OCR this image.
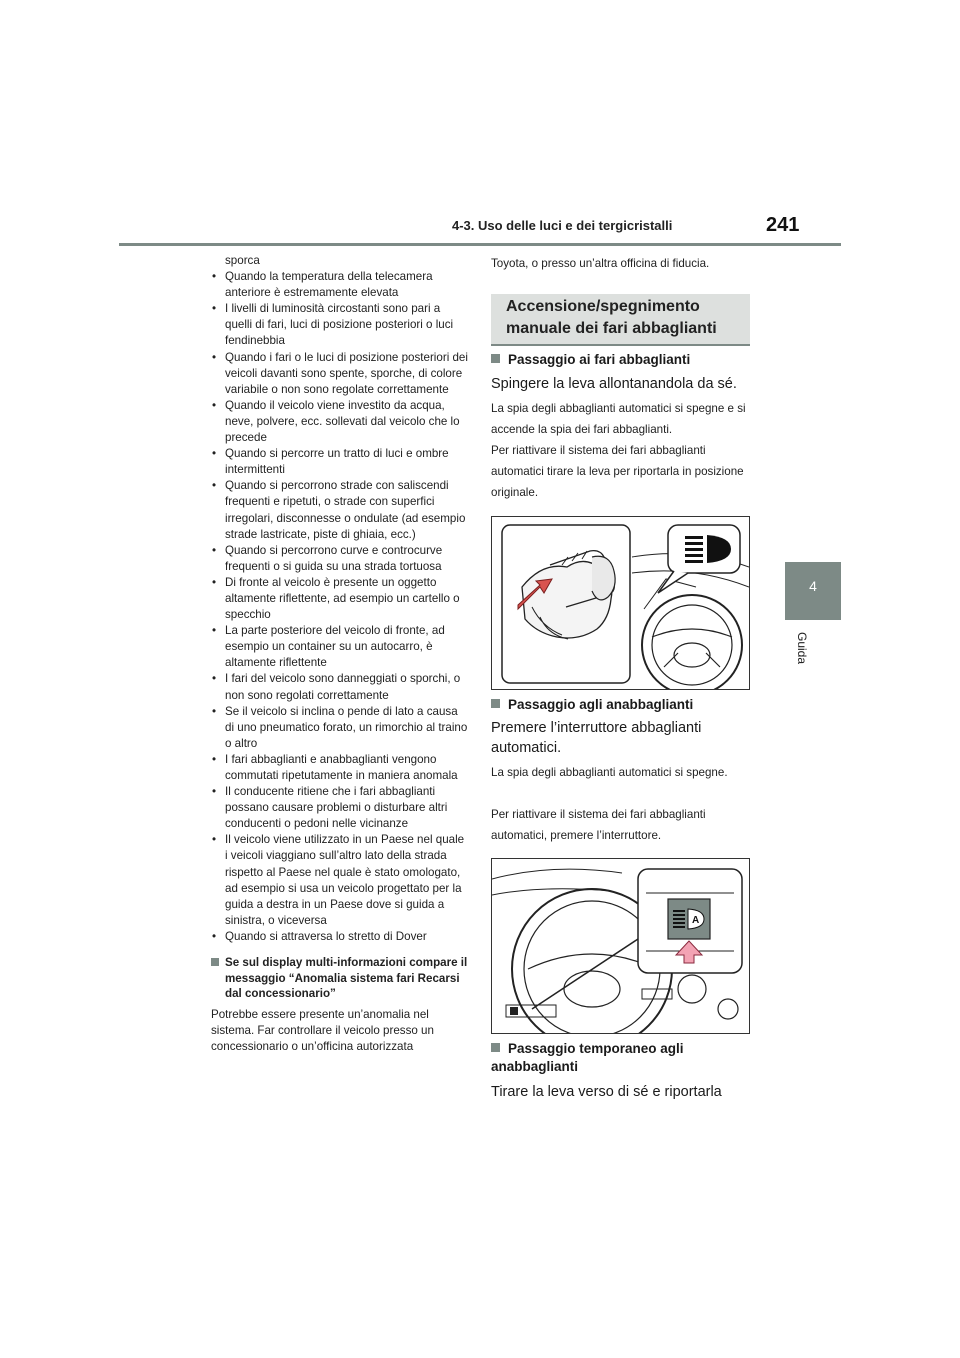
4-3. Uso delle luci e dei tergicristalli	241
4
Guida
sporca
• Quando la temperatura della telecamera anteriore è estremamente elevata
• I livelli di luminosità circostanti sono pari a quelli di fari, luci di posizione posteriori o luci fendinebbia
• Quando i fari o le luci di posizione posteriori dei veicoli davanti sono spente, sporche, di colore variabile o non sono regolate correttamente
• Quando il veicolo viene investito da acqua, neve, polvere, ecc. sollevati dal veicolo che lo precede
• Quando si percorre un tratto di luci e ombre intermittenti
• Quando si percorrono strade con saliscendi frequenti e ripetuti, o strade con superfici irregolari, disconnesse o ondulate (ad esempio strade lastricate, piste di ghiaia, ecc.)
• Quando si percorrono curve e controcurve frequenti o si guida su una strada tortuosa
• Di fronte al veicolo è presente un oggetto altamente riflettente, ad esempio un cartello o specchio
• La parte posteriore del veicolo di fronte, ad esempio un container su un autocarro, è altamente riflettente
• I fari del veicolo sono danneggiati o sporchi, o non sono regolati correttamente
• Se il veicolo si inclina o pende di lato a causa di uno pneumatico forato, un rimorchio al traino o altro
• I fari abbaglianti e anabbaglianti vengono commutati ripetutamente in maniera anomala
• Il conducente ritiene che i fari abbaglianti possano causare problemi o disturbare altri conducenti o pedoni nelle vicinanze
• Il veicolo viene utilizzato in un Paese nel quale i veicoli viaggiano sull’altro lato della strada rispetto al Paese nel quale è stato omologato, ad esempio si usa un veicolo progettato per la guida a destra in un Paese dove si guida a sinistra, o viceversa
• Quando si attraversa lo stretto di Dover
Se sul display multi-informazioni compare il messaggio “Anomalia sistema fari Recarsi dal concessionario”
Potrebbe essere presente un’anomalia nel sistema. Far controllare il veicolo presso un concessionario o un’officina autorizzata
Toyota, o presso un’altra officina di fiducia.
Accensione/spegnimento manuale dei fari abbaglianti
Passaggio ai fari abbaglianti
Spingere la leva allontanandola da sé.
La spia degli abbaglianti automatici si spegne e si accende la spia dei fari abbaglianti.
Per riattivare il sistema dei fari abbaglianti automatici tirare la leva per riportarla in posizione originale.
Passaggio agli anabbaglianti
Premere l’interruttore abbaglianti automatici.
La spia degli abbaglianti automatici si spegne.
Per riattivare il sistema dei fari abbaglianti automatici, premere l’interruttore.
A
Passaggio temporaneo agli anabbaglianti
Tirare la leva verso di sé e riportarla
